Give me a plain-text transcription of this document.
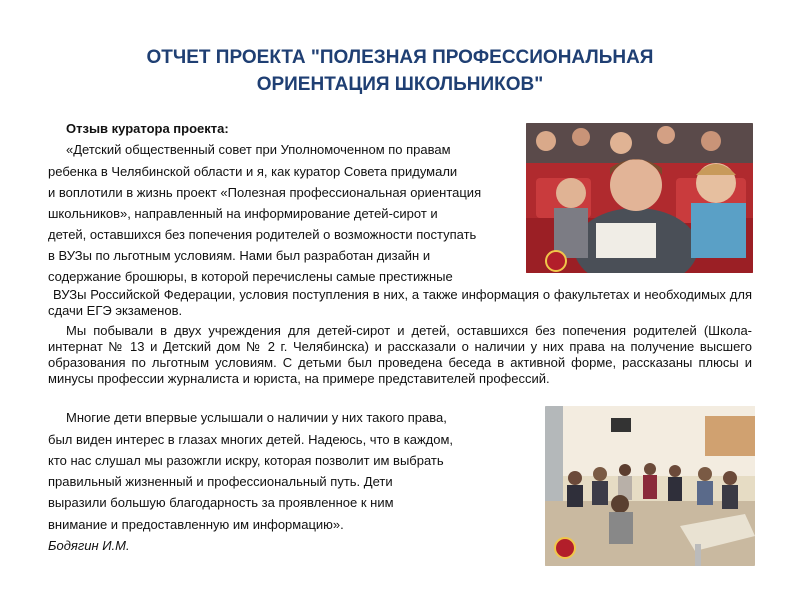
ОТЧЕТ ПРОЕКТА "ПОЛЕЗНАЯ ПРОФЕССИОНАЛЬНАЯ
ОРИЕНТАЦИЯ ШКОЛЬНИКОВ"
Отзыв куратора проекта:
«Детский общественный совет при Уполномоченном по правам
ребенка в Челябинской области и я, как куратор Совета придумали
и воплотили в жизнь проект «Полезная профессиональная ориентация
школьников», направленный на информирование детей-сирот и
детей, оставшихся без попечения родителей о возможности поступать
в ВУЗы по льготным условиям. Нами был разработан дизайн и
содержание брошюры, в которой перечислены самые престижные

ВУЗы Российской Федерации, условия поступления в них, а также информация о факультетах и необходимых для сдачи ЕГЭ экзаменов.

Мы побывали в двух учреждения для детей-сирот и детей, оставшихся без попечения родителей (Школа-интернат № 13 и Детский дом № 2 г. Челябинска) и рассказали о наличии у них права на получение высшего образования по льготным условиям. С детьми был проведена беседа в активной форме, рассказаны плюсы и минусы профессии журналиста и юриста, на примере представителей профессий.

Многие дети впервые услышали о наличии у них такого права,
был виден интерес в глазах многих детей. Надеюсь, что в каждом,
кто нас слушал мы разожгли искру, которая позволит им выбрать
правильный жизненный и профессиональный путь. Дети
выразили большую благодарность за проявленное к ним
внимание и предоставленную им информацию».
Бодягин И.М.
